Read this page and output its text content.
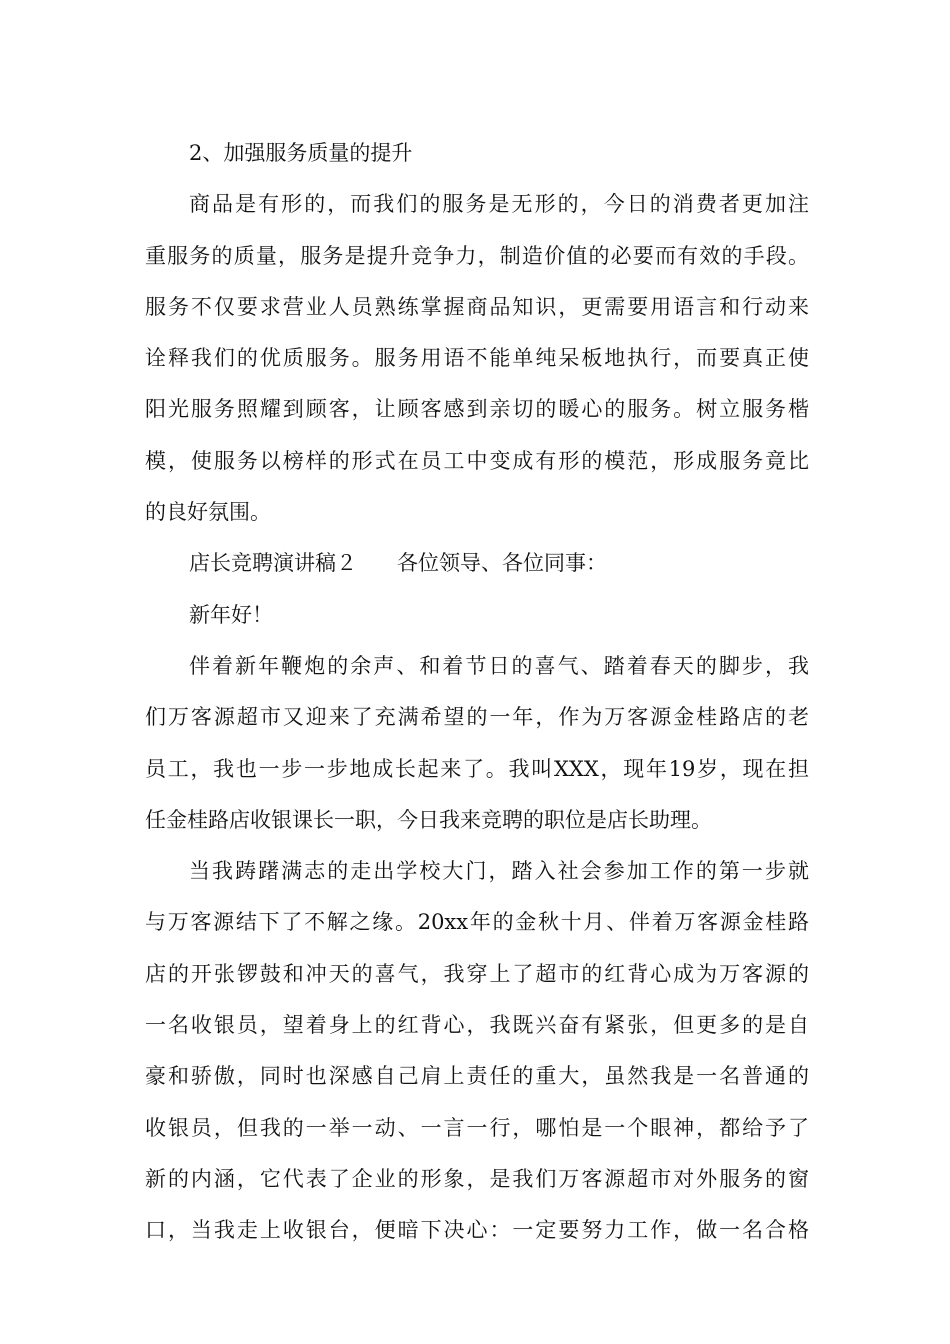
2、加强服务质量的提升
商品是有形的，而我们的服务是无形的，今日的消费者更加注
重服务的质量，服务是提升竞争力，制造价值的必要而有效的手段。
服务不仅要求营业人员熟练掌握商品知识，更需要用语言和行动来
诠释我们的优质服务。服务用语不能单纯呆板地执行，而要真正使
阳光服务照耀到顾客，让顾客感到亲切的暖心的服务。树立服务楷
模，使服务以榜样的形式在员工中变成有形的模范，形成服务竟比
的良好氛围。
店长竞聘演讲稿２ 各位领导、各位同事：
新年好！
伴着新年鞭炮的余声、和着节日的喜气、踏着春天的脚步，我
们万客源超市又迎来了充满希望的一年，作为万客源金桂路店的老
员工，我也一步一步地成长起来了。我叫XXX，现年19岁，现在担
任金桂路店收银课长一职，今日我来竞聘的职位是店长助理。
当我踌躇满志的走出学校大门，踏入社会参加工作的第一步就
与万客源结下了不解之缘。20xx年的金秋十月、伴着万客源金桂路
店的开张锣鼓和冲天的喜气，我穿上了超市的红背心成为万客源的
一名收银员，望着身上的红背心，我既兴奋有紧张，但更多的是自
豪和骄傲，同时也深感自己肩上责任的重大，虽然我是一名普通的
收银员，但我的一举一动、一言一行，哪怕是一个眼神，都给予了
新的内涵，它代表了企业的形象，是我们万客源超市对外服务的窗
口，当我走上收银台，便暗下决心：一定要努力工作，做一名合格
